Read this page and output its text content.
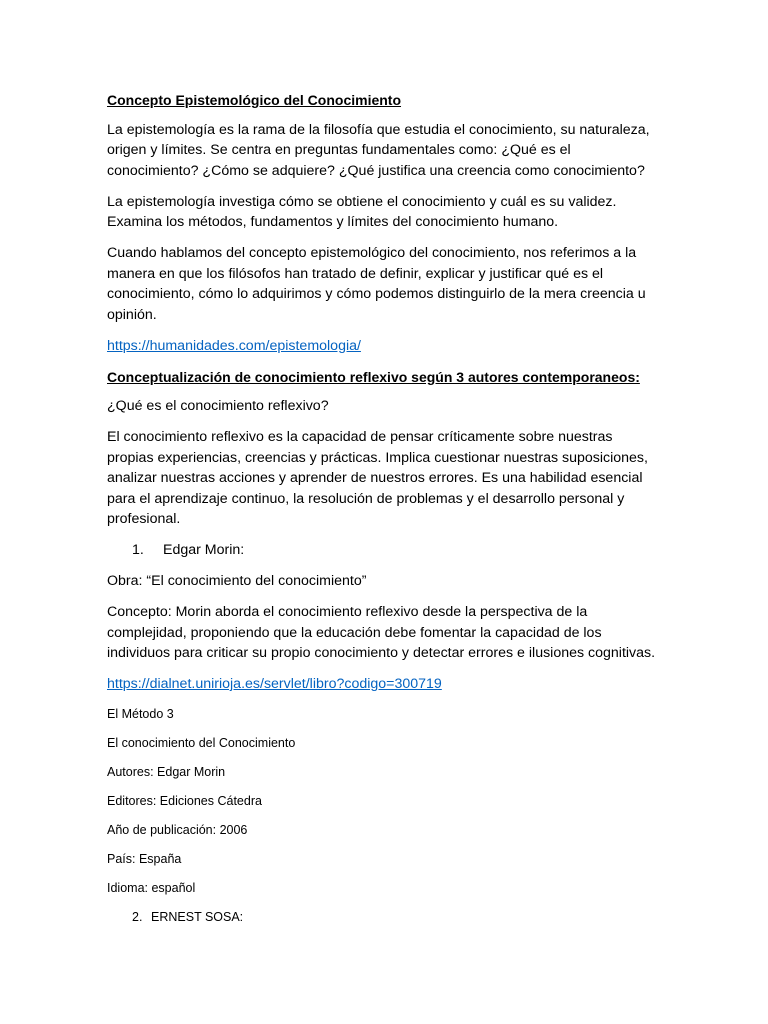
Concepto Epistemológico del Conocimiento

La epistemología es la rama de la filosofía que estudia el conocimiento, su naturaleza, origen y límites. Se centra en preguntas fundamentales como: ¿Qué es el conocimiento? ¿Cómo se adquiere? ¿Qué justifica una creencia como conocimiento?

La epistemología investiga cómo se obtiene el conocimiento y cuál es su validez. Examina los métodos, fundamentos y límites del conocimiento humano.

Cuando hablamos del concepto epistemológico del conocimiento, nos referimos a la manera en que los filósofos han tratado de definir, explicar y justificar qué es el conocimiento, cómo lo adquirimos y cómo podemos distinguirlo de la mera creencia u opinión.

https://humanidades.com/epistemologia/
Conceptualización de conocimiento reflexivo según 3 autores contemporaneos:

¿Qué es el conocimiento reflexivo?

El conocimiento reflexivo es la capacidad de pensar críticamente sobre nuestras propias experiencias, creencias y prácticas. Implica cuestionar nuestras suposiciones, analizar nuestras acciones y aprender de nuestros errores. Es una habilidad esencial para el aprendizaje continuo, la resolución de problemas y el desarrollo personal y profesional.

1.	Edgar Morin:

Obra: “El conocimiento del conocimiento”

Concepto: Morin aborda el conocimiento reflexivo desde la perspectiva de la complejidad, proponiendo que la educación debe fomentar la capacidad de los individuos para criticar su propio conocimiento y detectar errores e ilusiones cognitivas.

https://dialnet.unirioja.es/servlet/libro?codigo=300719

El Método 3

El conocimiento del Conocimiento

Autores: Edgar Morin

Editores: Ediciones Cátedra

Año de publicación: 2006

País: España

Idioma: español

2. ERNEST SOSA:
